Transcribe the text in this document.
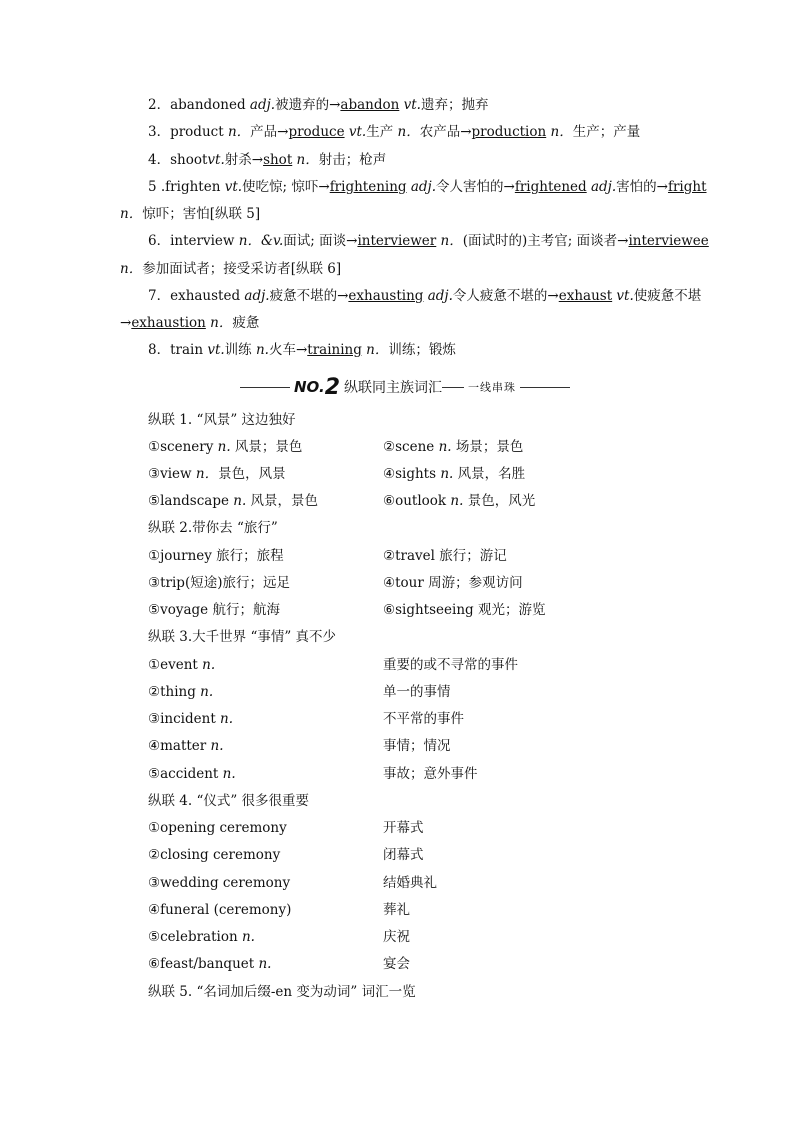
2．abandoned adj.被遗弃的→abandon vt.遗弃；抛弃
3．product n．产品→produce vt.生产 n．农产品→production n．生产；产量
4．shootvt.射杀→shot n．射击；枪声
5 .frighten vt.使吃惊; 惊吓→frightening adj.令人害怕的→frightened adj.害怕的→fright
n．惊吓；害怕[纵联 5]
6．interview n．&v.面试; 面谈→interviewer n．(面试时的)主考官; 面谈者→interviewee
n．参加面试者；接受采访者[纵联 6]
7．exhausted adj.疲惫不堪的→exhausting adj.令人疲惫不堪的→exhaust vt.使疲惫不堪
→exhaustion n．疲惫
8．train vt.训练 n.火车→training n．训练；锻炼
NO. 2 纵联同主族词汇 一线串珠
纵联 1. “风景” 这边独好
①scenery n. 风景；景色	②scene n. 场景；景色
③view n．景色，风景	④sights n. 风景，名胜
⑤landscape n. 风景，景色	⑥outlook n. 景色，风光
纵联 2.带你去 “旅行”
①journey 旅行；旅程	②travel 旅行；游记
③trip(短途)旅行；远足	④tour 周游；参观访问
⑤voyage 航行；航海	⑥sightseeing 观光；游览
纵联 3.大千世界 “事情” 真不少
①event n.	重要的或不寻常的事件
②thing n.	单一的事情
③incident n.	不平常的事件
④matter n.	事情；情况
⑤accident n.	事故；意外事件
纵联 4. “仪式” 很多很重要
①opening ceremony	开幕式
②closing ceremony	闭幕式
③wedding ceremony	结婚典礼
④funeral (ceremony)	葬礼
⑤celebration n.	庆祝
⑥feast/banquet n.	宴会
纵联 5. “名词加后缀-en 变为动词” 词汇一览
